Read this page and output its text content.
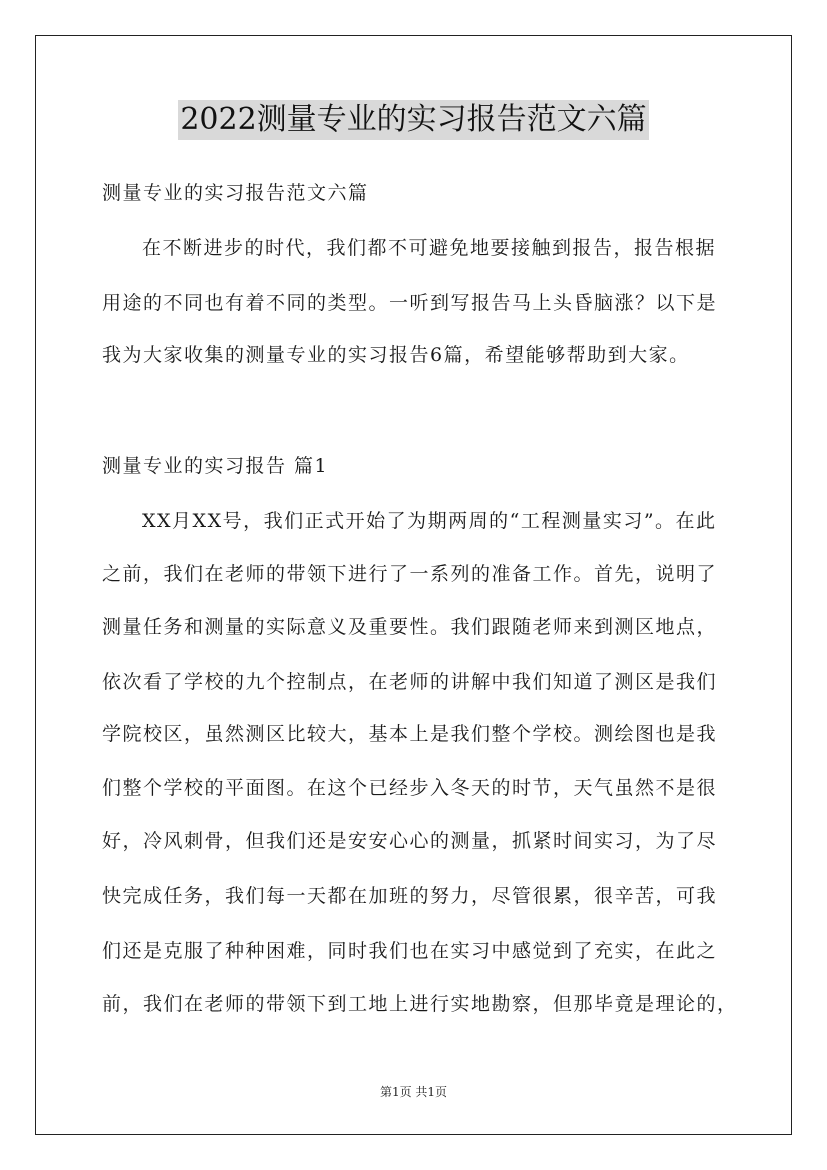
2022测量专业的实习报告范文六篇
测量专业的实习报告范文六篇
在不断进步的时代，我们都不可避免地要接触到报告，报告根据
用途的不同也有着不同的类型。一听到写报告马上头昏脑涨？以下是
我为大家收集的测量专业的实习报告6篇，希望能够帮助到大家。
测量专业的实习报告 篇1
XX月XX号，我们正式开始了为期两周的“工程测量实习”。在此
之前，我们在老师的带领下进行了一系列的准备工作。首先，说明了
测量任务和测量的实际意义及重要性。我们跟随老师来到测区地点，
依次看了学校的九个控制点，在老师的讲解中我们知道了测区是我们
学院校区，虽然测区比较大，基本上是我们整个学校。测绘图也是我
们整个学校的平面图。在这个已经步入冬天的时节，天气虽然不是很
好，冷风刺骨，但我们还是安安心心的测量，抓紧时间实习，为了尽
快完成任务，我们每一天都在加班的努力，尽管很累，很辛苦，可我
们还是克服了种种困难，同时我们也在实习中感觉到了充实，在此之
前，我们在老师的带领下到工地上进行实地勘察，但那毕竟是理论的，
第1页 共1页
